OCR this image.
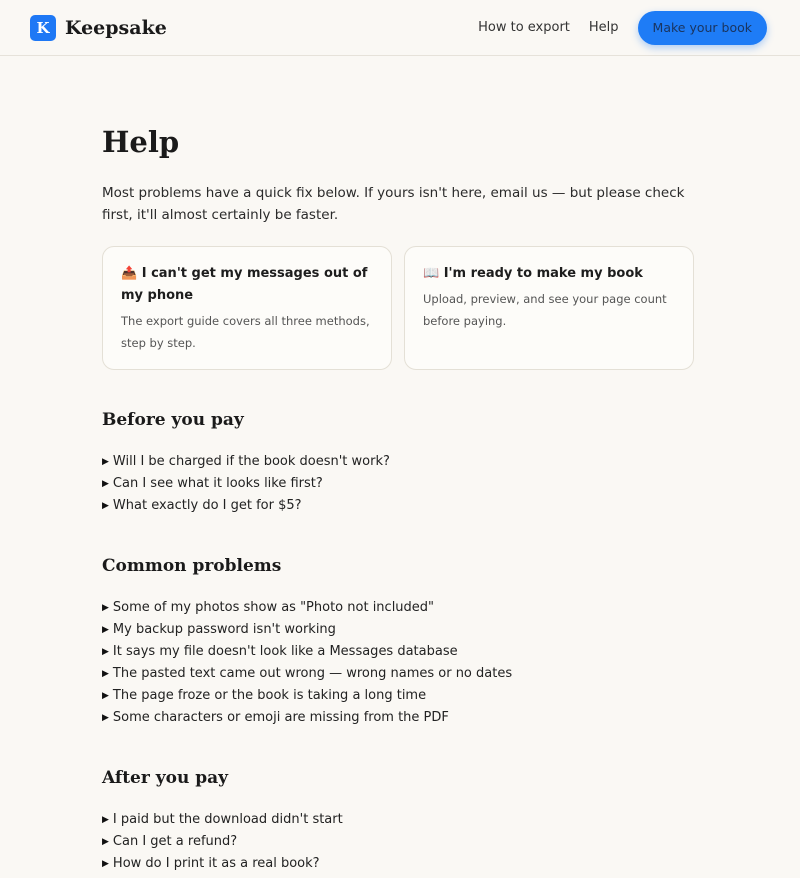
K Keepsake	How to export Help	Make your book
Help

Most problems have a quick fix below. If yours isn't here, email us — but please check first, it'll almost certainly be faster.

📤 I can't get my messages out of my phone
The export guide covers all three methods, step by step.
📖 I'm ready to make my book
Upload, preview, and see your page count before paying.
Before you pay
▶ Will I be charged if the book doesn't work?
▶ Can I see what it looks like first?
▶ What exactly do I get for $5?
Common problems
▶ Some of my photos show as "Photo not included"
▶ My backup password isn't working
▶ It says my file doesn't look like a Messages database
▶ The pasted text came out wrong — wrong names or no dates
▶ The page froze or the book is taking a long time
▶ Some characters or emoji are missing from the PDF
After you pay
▶ I paid but the download didn't start
▶ Can I get a refund?
▶ How do I print it as a real book?
